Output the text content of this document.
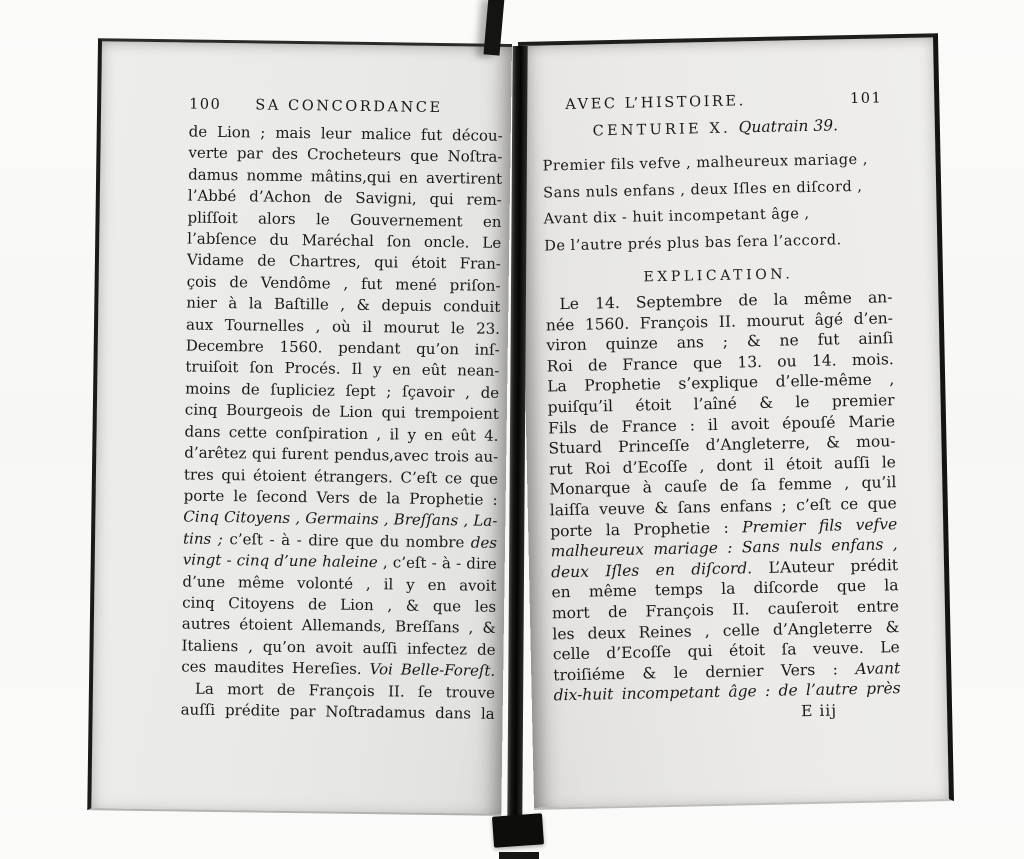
100 SA CONCORDANCE
de Lion ; mais leur malice fut décou-
verte par des Crocheteurs que Noſtra-
damus nomme mâtins,qui en avertirent
l’Abbé d’Achon de Savigni, qui rem-
pliſſoit alors le Gouvernement en
l’abſence du Maréchal ſon oncle. Le
Vidame de Chartres, qui étoit Fran-
çois de Vendôme , fut mené priſon-
nier à la Baſtille , & depuis conduit
aux Tournelles , où il mourut le 23.
Decembre 1560. pendant qu’on inſ-
truiſoit ſon Procés. Il y en eût nean-
moins de ſupliciez ſept ; ſçavoir , de
cinq Bourgeois de Lion qui trempoient
dans cette conſpiration , il y en eût 4.
d’arêtez qui furent pendus,avec trois au-
tres qui étoient étrangers. C’eſt ce que
porte le ſecond Vers de la Prophetie :
Cinq Citoyens , Germains , Breſſans , La-
tins ; c’eſt - à - dire que du nombre des
vingt - cinq d’une haleine , c’eſt - à - dire
d’une même volonté , il y en avoit
cinq Citoyens de Lion , & que les
autres étoient Allemands, Breſſans , &
Italiens , qu’on avoit auſſi infectez de
ces maudites Hereſies. Voi Belle-Foreſt.
La mort de François II. ſe trouve
auſſi prédite par Noſtradamus dans la
AVEC L’HISTOIRE.	101
CENTURIE X. Quatrain 39.
Premier fils vefve , malheureux mariage ,
Sans nuls enfans , deux Iſles en diſcord ,
Avant dix - huit incompetant âge ,
De l’autre prés plus bas ſera l’accord.
EXPLICATION.
Le 14. Septembre de la même an-
née 1560. François II. mourut âgé d’en-
viron quinze ans ; & ne fut ainſi
Roi de France que 13. ou 14. mois.
La Prophetie s’explique d’elle-même ,
puiſqu’il étoit l’aîné & le premier
Fils de France : il avoit épouſé Marie
Stuard Princeſſe d’Angleterre, & mou-
rut Roi d’Ecoſſe , dont il étoit auſſi le
Monarque à cauſe de ſa femme , qu’il
laiſſa veuve & ſans enfans ; c’eſt ce que
porte la Prophetie : Premier fils vefve
malheureux mariage : Sans nuls enfans ,
deux Iſles en diſcord. L’Auteur prédit
en même temps la diſcorde que la
mort de François II. cauſeroit entre
les deux Reines , celle d’Angleterre &
celle d’Ecoſſe qui étoit ſa veuve. Le
troiſiéme & le dernier Vers : Avant
dix-huit incompetant âge : de l’autre près
E iij
